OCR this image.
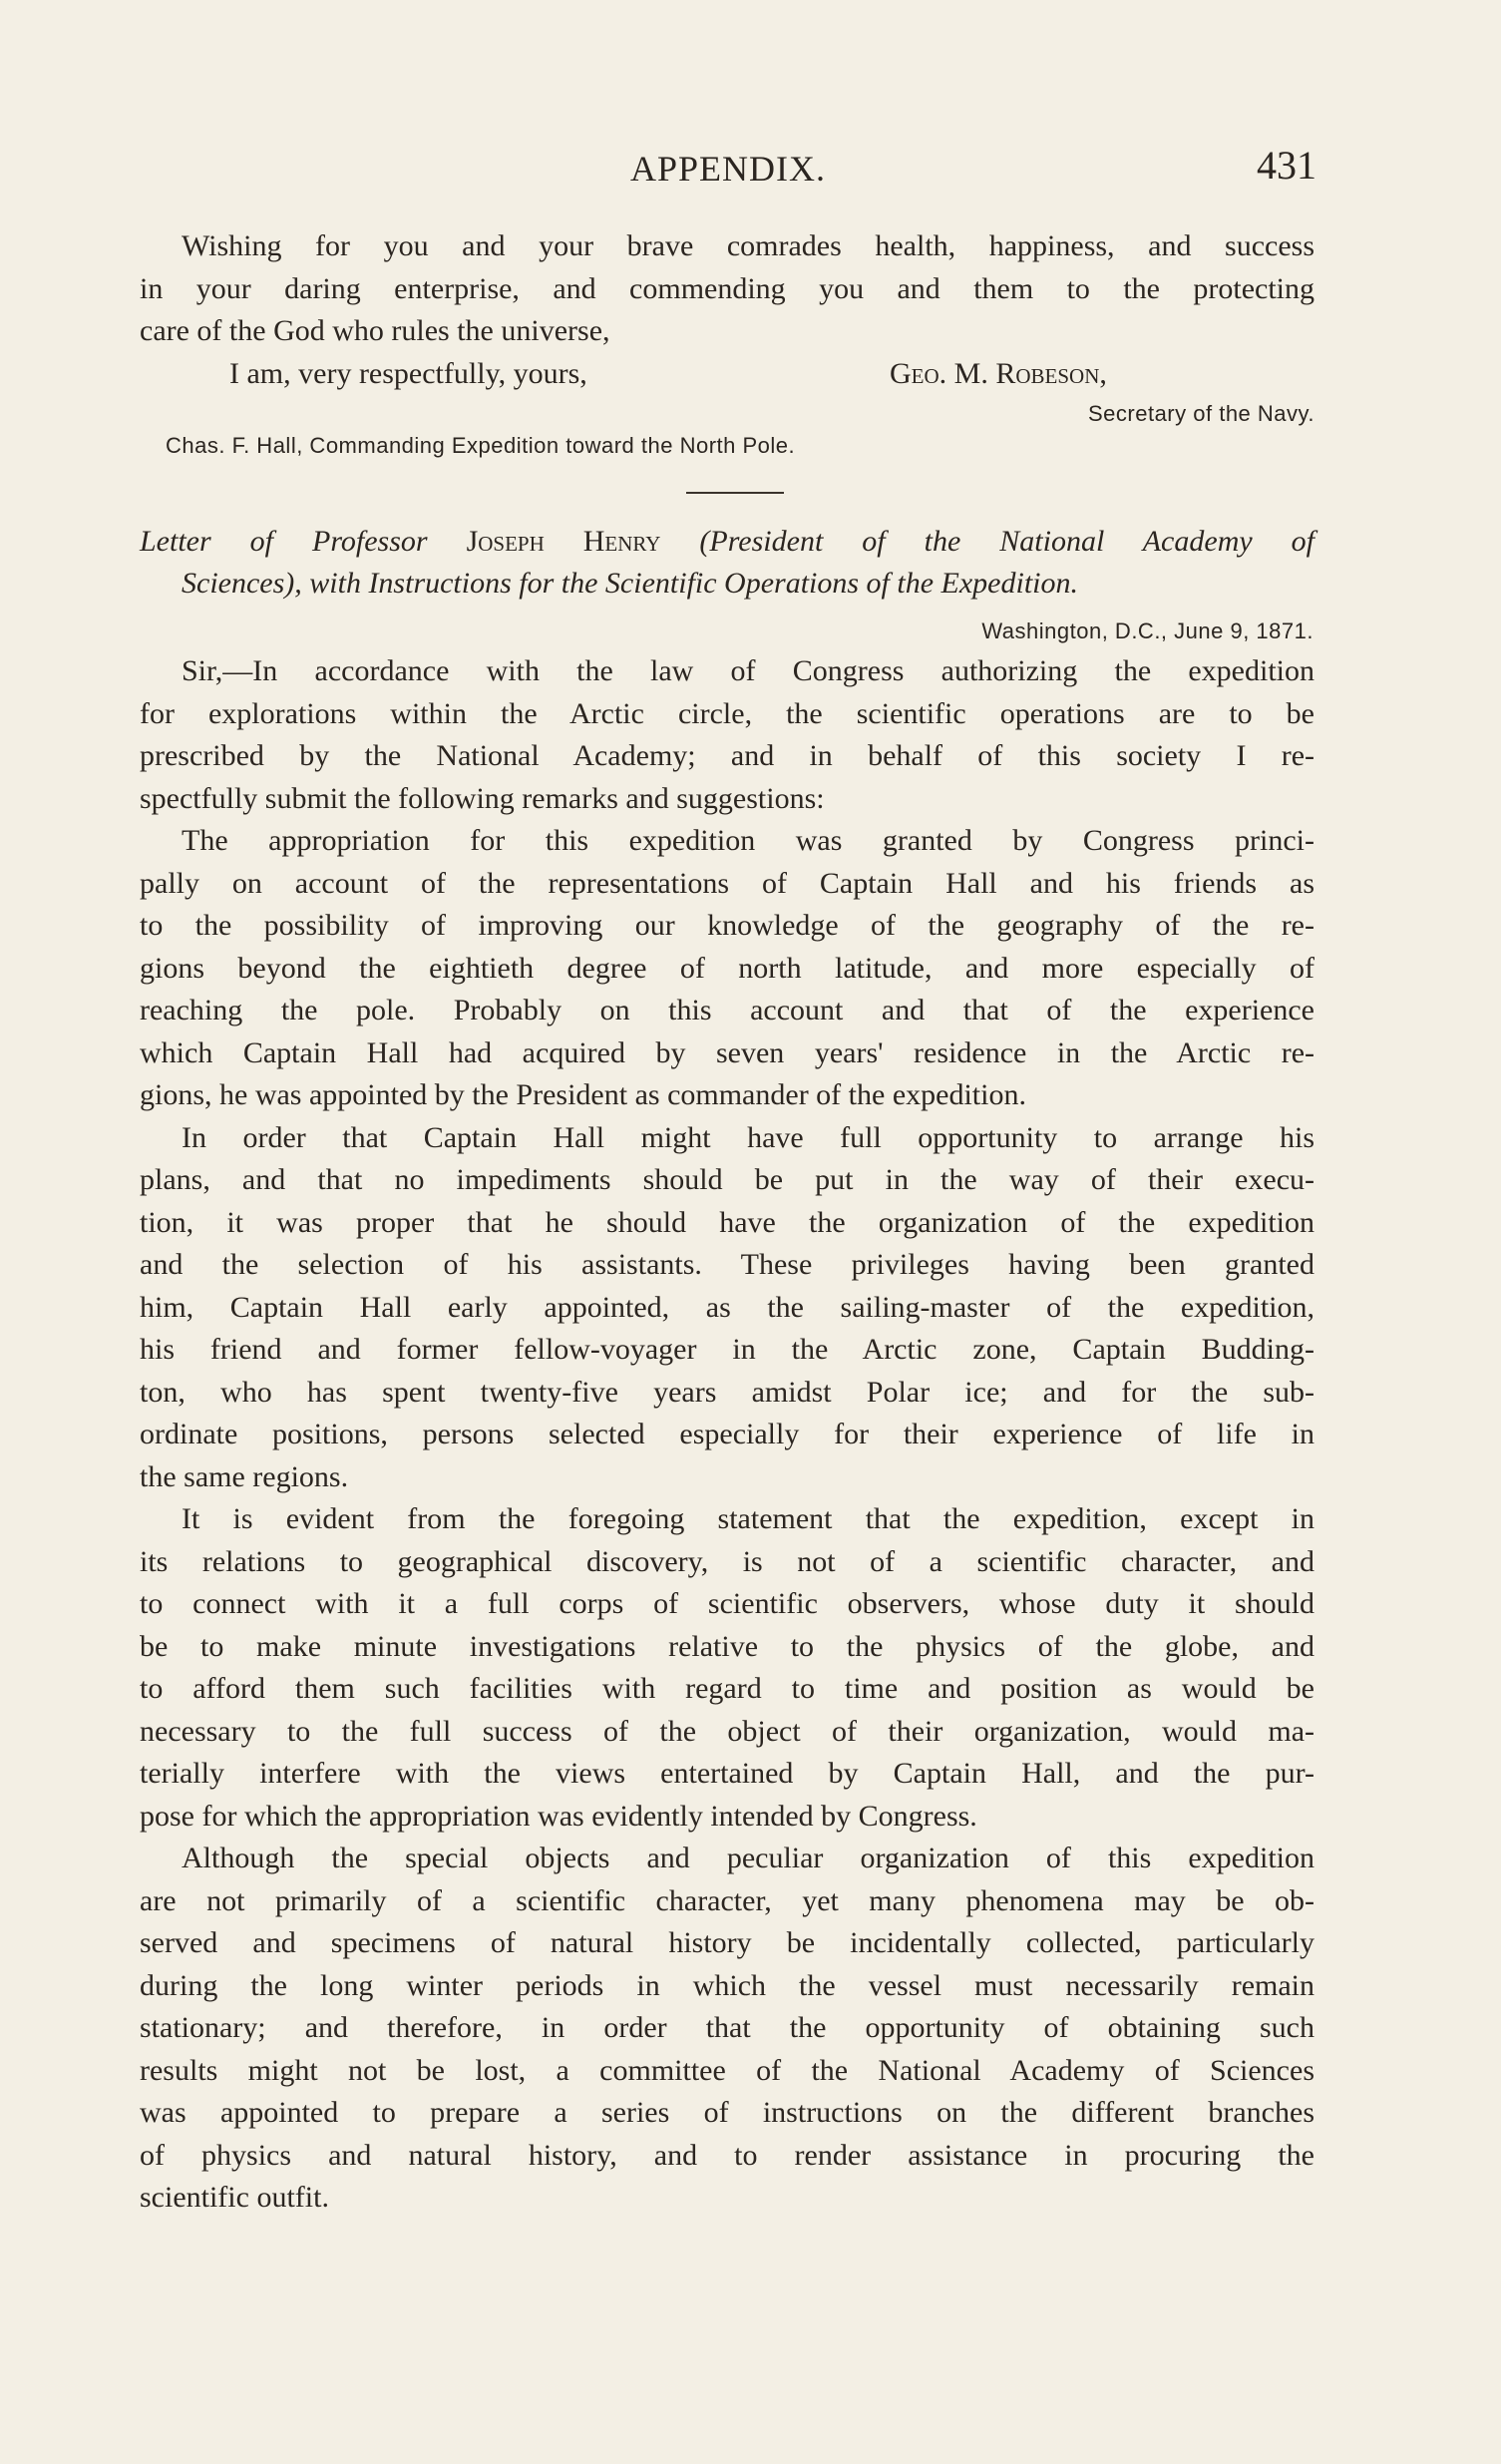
APPENDIX.	431
Wishing for you and your brave comrades health, happiness, and success
in your daring enterprise, and commending you and them to the protecting
care of the God who rules the universe,
I am, very respectfully, yours,	Geo. M. Robeson,
Secretary of the Navy.
Chas. F. Hall, Commanding Expedition toward the North Pole.
Letter of Professor Joseph Henry (President of the National Academy of
Sciences), with Instructions for the Scientific Operations of the Expedition.
Washington, D.C., June 9, 1871.
Sir,—In accordance with the law of Congress authorizing the expedition
for explorations within the Arctic circle, the scientific operations are to be
prescribed by the National Academy; and in behalf of this society I re-
spectfully submit the following remarks and suggestions:
The appropriation for this expedition was granted by Congress princi-
pally on account of the representations of Captain Hall and his friends as
to the possibility of improving our knowledge of the geography of the re-
gions beyond the eightieth degree of north latitude, and more especially of
reaching the pole. Probably on this account and that of the experience
which Captain Hall had acquired by seven years' residence in the Arctic re-
gions, he was appointed by the President as commander of the expedition.
In order that Captain Hall might have full opportunity to arrange his
plans, and that no impediments should be put in the way of their execu-
tion, it was proper that he should have the organization of the expedition
and the selection of his assistants. These privileges having been granted
him, Captain Hall early appointed, as the sailing-master of the expedition,
his friend and former fellow-voyager in the Arctic zone, Captain Budding-
ton, who has spent twenty-five years amidst Polar ice; and for the sub-
ordinate positions, persons selected especially for their experience of life in
the same regions.
It is evident from the foregoing statement that the expedition, except in
its relations to geographical discovery, is not of a scientific character, and
to connect with it a full corps of scientific observers, whose duty it should
be to make minute investigations relative to the physics of the globe, and
to afford them such facilities with regard to time and position as would be
necessary to the full success of the object of their organization, would ma-
terially interfere with the views entertained by Captain Hall, and the pur-
pose for which the appropriation was evidently intended by Congress.
Although the special objects and peculiar organization of this expedition
are not primarily of a scientific character, yet many phenomena may be ob-
served and specimens of natural history be incidentally collected, particularly
during the long winter periods in which the vessel must necessarily remain
stationary; and therefore, in order that the opportunity of obtaining such
results might not be lost, a committee of the National Academy of Sciences
was appointed to prepare a series of instructions on the different branches
of physics and natural history, and to render assistance in procuring the
scientific outfit.
